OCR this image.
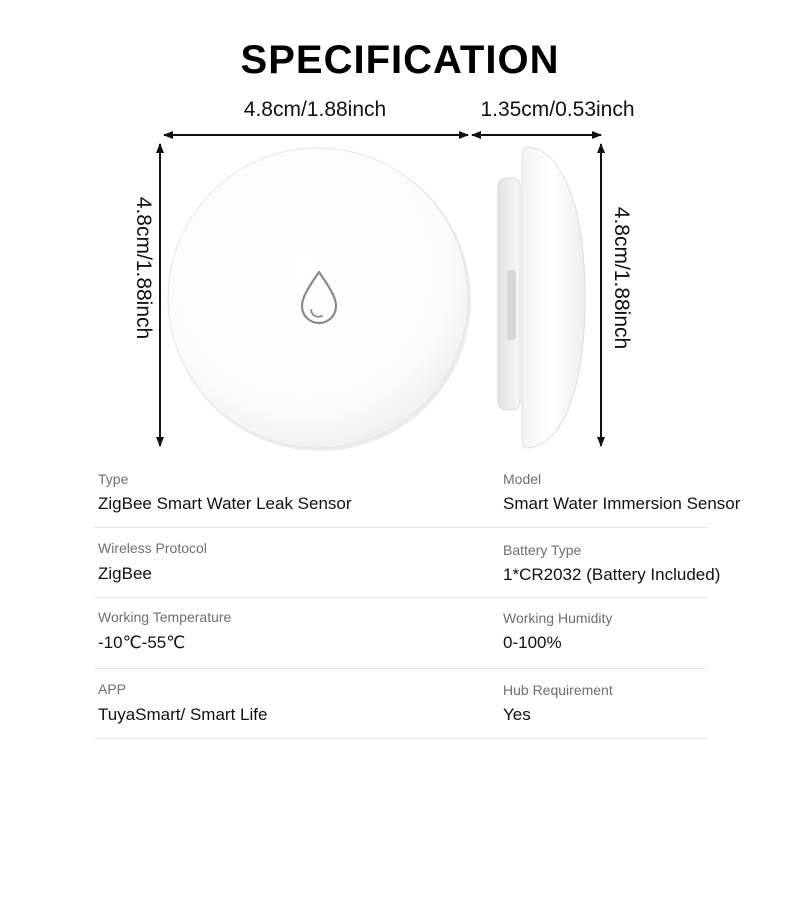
SPECIFICATION
4.8cm/1.88inch	1.35cm/0.53inch
4.8cm/1.88inch	4.8cm/1.88inch
Type
ZigBee Smart Water Leak Sensor
Model
Smart Water Immersion Sensor
Wireless Protocol
ZigBee
Battery Type
1*CR2032 (Battery Included)
Working Temperature
-10℃-55℃
Working Humidity
0-100%
APP
TuyaSmart/ Smart Life
Hub Requirement
Yes
